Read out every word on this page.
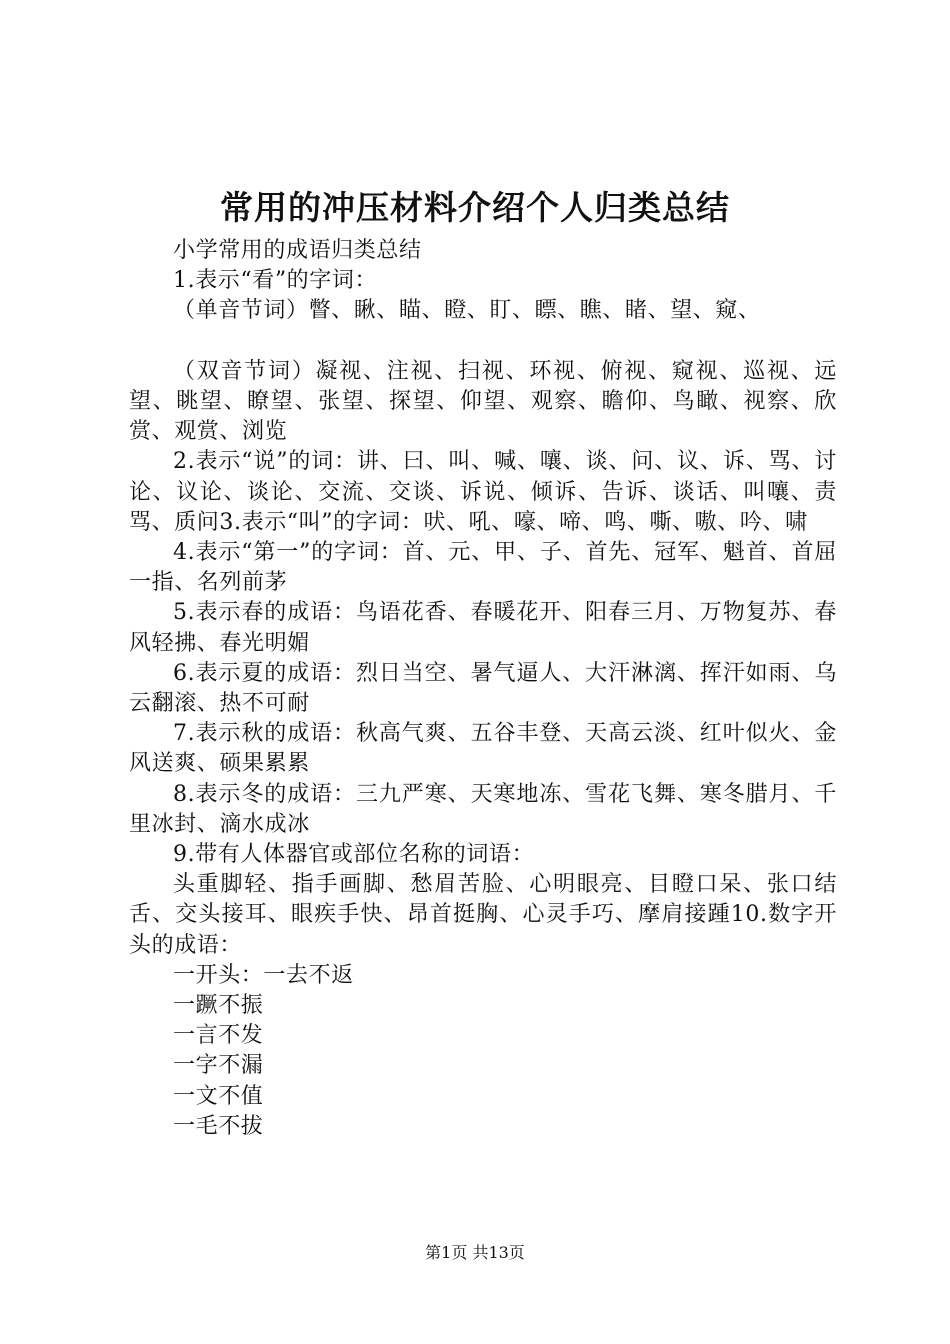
常用的冲压材料介绍个人归类总结

小学常用的成语归类总结

1.表示“看”的字词：

（单音节词）瞥、瞅、瞄、瞪、盯、瞟、瞧、睹、望、窥、

（双音节词）凝视、注视、扫视、环视、俯视、窥视、巡视、远望、眺望、瞭望、张望、探望、仰望、观察、瞻仰、鸟瞰、视察、欣赏、观赏、浏览

2.表示“说”的词：讲、曰、叫、喊、嚷、谈、问、议、诉、骂、讨论、议论、谈论、交流、交谈、诉说、倾诉、告诉、谈话、叫嚷、责骂、质问3.表示“叫”的字词：吠、吼、嚎、啼、鸣、嘶、嗷、吟、啸

4.表示“第一”的字词：首、元、甲、子、首先、冠军、魁首、首屈一指、名列前茅

5.表示春的成语：鸟语花香、春暖花开、阳春三月、万物复苏、春风轻拂、春光明媚

6.表示夏的成语：烈日当空、暑气逼人、大汗淋漓、挥汗如雨、乌云翻滚、热不可耐

7.表示秋的成语：秋高气爽、五谷丰登、天高云淡、红叶似火、金风送爽、硕果累累

8.表示冬的成语：三九严寒、天寒地冻、雪花飞舞、寒冬腊月、千里冰封、滴水成冰

9.带有人体器官或部位名称的词语：

头重脚轻、指手画脚、愁眉苦脸、心明眼亮、目瞪口呆、张口结舌、交头接耳、眼疾手快、昂首挺胸、心灵手巧、摩肩接踵10.数字开头的成语：

一开头：一去不返

一蹶不振

一言不发

一字不漏

一文不值

一毛不拔

第1页 共13页
